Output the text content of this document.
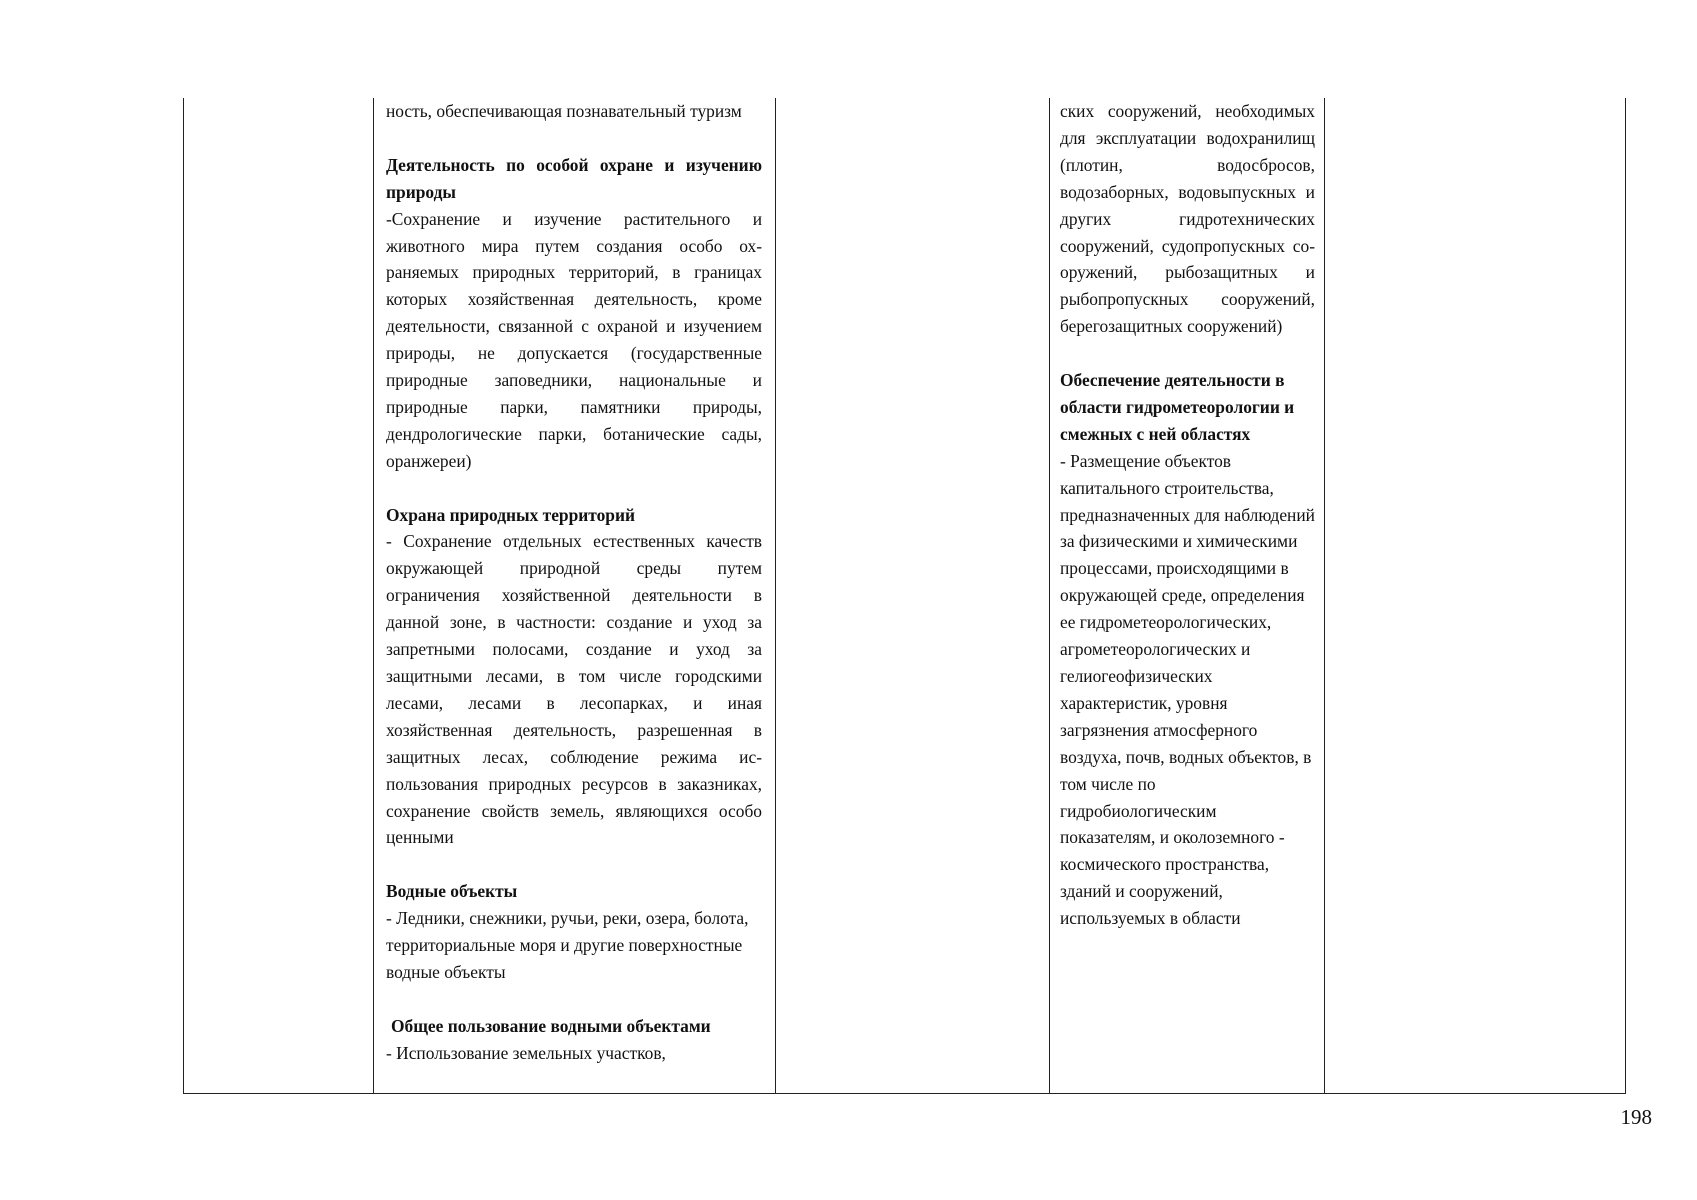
ность, обеспечивающая познавательный туризм

Деятельность по особой охране и изучению природы

-Сохранение и изучение растительного и животного мира путем создания особо охраняемых природных территорий, в границах которых хозяйственная деятельность, кроме деятельности, связанной с охраной и изучением природы, не допускается (государственные природные заповедники, национальные и природные парки, памятники природы, дендрологические парки, ботанические сады, оранжереи)

Охрана природных территорий

- Сохранение отдельных естественных качеств окружающей природной среды путем ограничения хозяйственной деятельности в данной зоне, в частности: создание и уход за запретными полосами, создание и уход за защитными лесами, в том числе городскими лесами, лесами в лесопарках, и иная хозяйственная деятельность, разрешенная в защитных лесах, соблюдение режима использования природных ресурсов в заказниках, сохранение свойств земель, являющихся особо ценными

Водные объекты

- Ледники, снежники, ручьи, реки, озера, болота, территориальные моря и другие поверхностные водные объекты

Общее пользование водными объектами

- Использование земельных участков,

ских сооружений, необходимых для эксплуатации водохранилищ (плотин, водосбросов, водозаборных, водовыпускных и других гидротехнических сооружений, судопропускных сооружений, рыбозащитных и рыбопропускных сооружений, берегозащитных сооружений)

Обеспечение деятельности в области гидрометеорологии и смежных с ней областях

- Размещение объектов капитального строительства, предназначенных для наблюдений за физическими и химическими процессами, происходящими в окружающей среде, определения ее гидрометеорологических, агрометеорологических и гелиогеофизических характеристик, уровня загрязнения атмосферного воздуха, почв, водных объектов, в том числе по гидробиологическим показателям, и околоземного - космического пространства, зданий и сооружений, используемых в области

198
